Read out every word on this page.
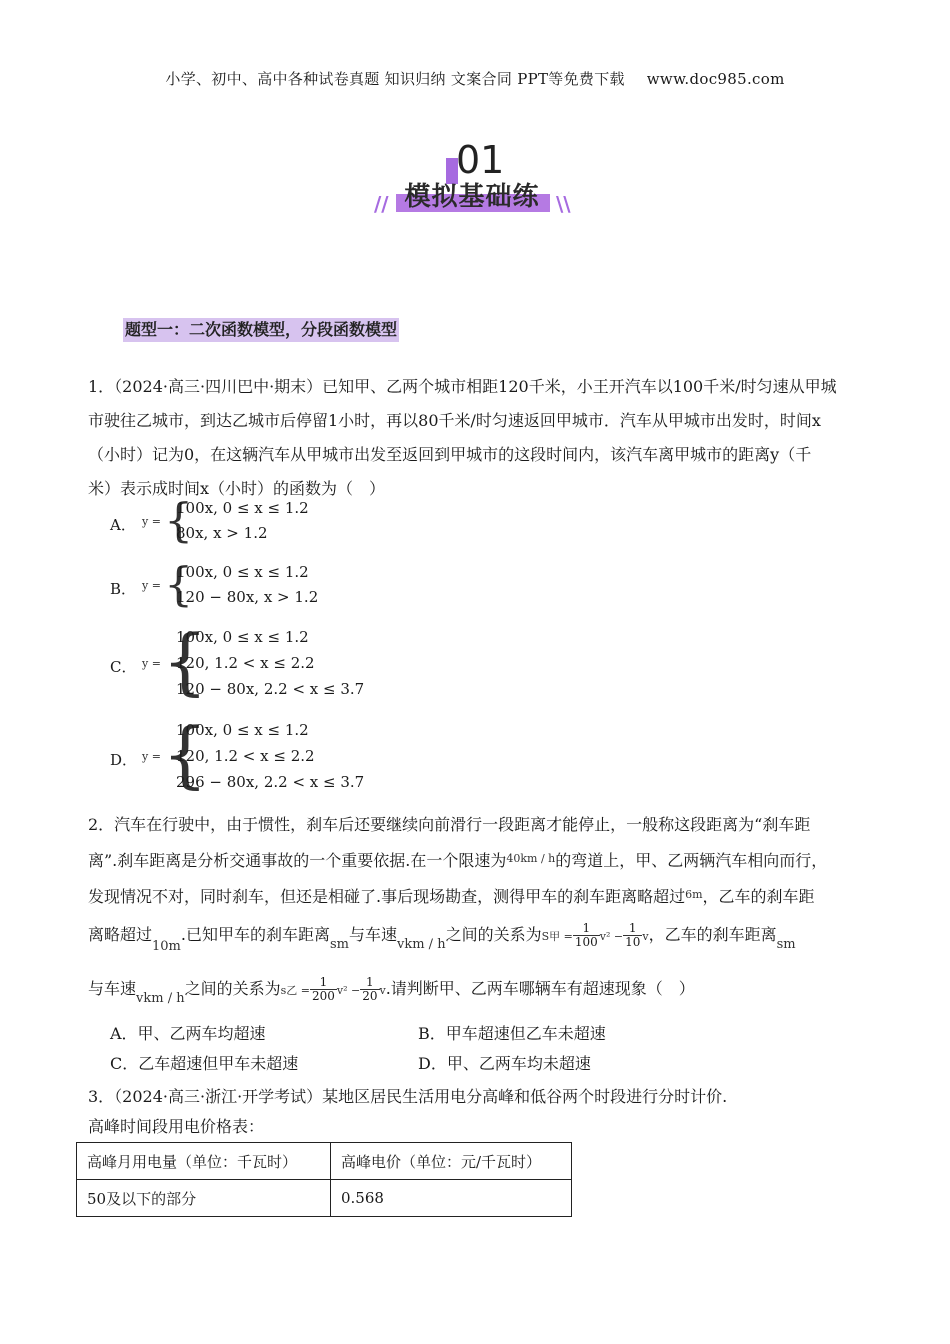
小学、初中、高中各种试卷真题 知识归纳 文案合同 PPT等免费下载 www.doc985.com
01
// 模拟基础练 \\
题型一：二次函数模型，分段函数模型
1．（2024·高三·四川巴中·期末）已知甲、乙两个城市相距120千米，小王开汽车以100千米/时匀速从甲城
市驶往乙城市，到达乙城市后停留1小时，再以80千米/时匀速返回甲城市．汽车从甲城市出发时，时间x
（小时）记为0，在这辆汽车从甲城市出发至返回到甲城市的这段时间内，该汽车离甲城市的距离y（千
米）表示成时间x（小时）的函数为（　）
A． y = {
100x, 0 ≤ x ≤ 1.2
80x, x > 1.2
B． y = {
100x, 0 ≤ x ≤ 1.2
120 − 80x, x > 1.2
C． y = {
100x, 0 ≤ x ≤ 1.2
120, 1.2 < x ≤ 2.2
120 − 80x, 2.2 < x ≤ 3.7
D． y = {
100x, 0 ≤ x ≤ 1.2
120, 1.2 < x ≤ 2.2
296 − 80x, 2.2 < x ≤ 3.7
2．汽车在行驶中，由于惯性，刹车后还要继续向前滑行一段距离才能停止，一般称这段距离为“刹车距
离”.刹车距离是分析交通事故的一个重要依据.在一个限速为$^{40km / h}$的弯道上，甲、乙两辆汽车相向而行，
发现情况不对，同时刹车，但还是相碰了.事后现场勘查，测得甲车的刹车距离略超过$^{6m}$，乙车的刹车距
离略超过$_{10m}$.已知甲车的刹车距离$_{sm}$与车速$_{vkm / h}$之间的关系为S甲 = $\frac{1}{100} v^2 - \frac{1}{10}$ v，乙车的刹车距离$_{sm}$
与车速$_{vkm / h}$之间的关系为s乙 = $\frac{1}{200} v^2 - \frac{1}{20} v$.请判断甲、乙两车哪辆车有超速现象（　）
A．甲、乙两车均超速	B．甲车超速但乙车未超速
C．乙车超速但甲车未超速	D．甲、乙两车均未超速
3．（2024·高三·浙江·开学考试）某地区居民生活用电分高峰和低谷两个时段进行分时计价.
高峰时间段用电价格表：
高峰月用电量（单位：千瓦时）	高峰电价（单位：元/千瓦时）
50及以下的部分	0.568
